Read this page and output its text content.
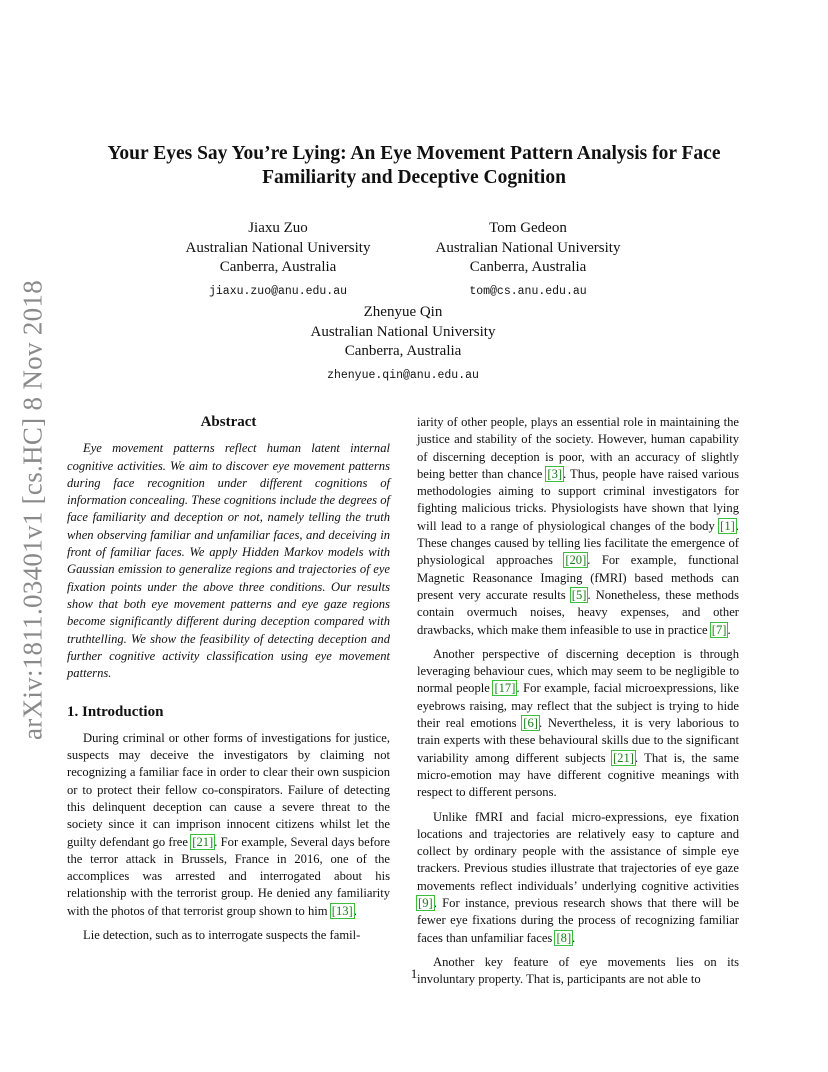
arXiv:1811.03401v1 [cs.HC] 8 Nov 2018
Your Eyes Say You’re Lying: An Eye Movement Pattern Analysis for Face
Familiarity and Deceptive Cognition
Jiaxu Zuo
Australian National University
Canberra, Australia
jiaxu.zuo@anu.edu.au
Tom Gedeon
Australian National University
Canberra, Australia
tom@cs.anu.edu.au
Zhenyue Qin
Australian National University
Canberra, Australia
zhenyue.qin@anu.edu.au
Abstract

Eye movement patterns reflect human latent internal cognitive activities. We aim to discover eye movement patterns during face recognition under different cognitions of information concealing. These cognitions include the degrees of face familiarity and deception or not, namely telling the truth when observing familiar and unfamiliar faces, and deceiving in front of familiar faces. We apply Hidden Markov models with Gaussian emission to generalize regions and trajectories of eye fixation points under the above three conditions. Our results show that both eye movement patterns and eye gaze regions become significantly different during deception compared with truthtelling. We show the feasibility of detecting deception and further cognitive activity classification using eye movement patterns.

1. Introduction

During criminal or other forms of investigations for justice, suspects may deceive the investigators by claiming not recognizing a familiar face in order to clear their own suspicion or to protect their fellow co-conspirators. Failure of detecting this delinquent deception can cause a severe threat to the society since it can imprison innocent citizens whilst let the guilty defendant go free [21]. For example, Several days before the terror attack in Brussels, France in 2016, one of the accomplices was arrested and interrogated about his relationship with the terrorist group. He denied any familiarity with the photos of that terrorist group shown to him [13].

Lie detection, such as to interrogate suspects the famil-

iarity of other people, plays an essential role in maintaining the justice and stability of the society. However, human capability of discerning deception is poor, with an accuracy of slightly being better than chance [3]. Thus, people have raised various methodologies aiming to support criminal investigators for fighting malicious tricks. Physiologists have shown that lying will lead to a range of physiological changes of the body [1]. These changes caused by telling lies facilitate the emergence of physiological approaches [20]. For example, functional Magnetic Reasonance Imaging (fMRI) based methods can present very accurate results [5]. Nonetheless, these methods contain overmuch noises, heavy expenses, and other drawbacks, which make them infeasible to use in practice [7].

Another perspective of discerning deception is through leveraging behaviour cues, which may seem to be negligible to normal people [17]. For example, facial microexpressions, like eyebrows raising, may reflect that the subject is trying to hide their real emotions [6]. Nevertheless, it is very laborious to train experts with these behavioural skills due to the significant variability among different subjects [21]. That is, the same micro-emotion may have different cognitive meanings with respect to different persons.

Unlike fMRI and facial micro-expressions, eye fixation locations and trajectories are relatively easy to capture and collect by ordinary people with the assistance of simple eye trackers. Previous studies illustrate that trajectories of eye gaze movements reflect individuals’ underlying cognitive activities [9]. For instance, previous research shows that there will be fewer eye fixations during the process of recognizing familiar faces than unfamiliar faces [8].

Another key feature of eye movements lies on its involuntary property. That is, participants are not able to

1
